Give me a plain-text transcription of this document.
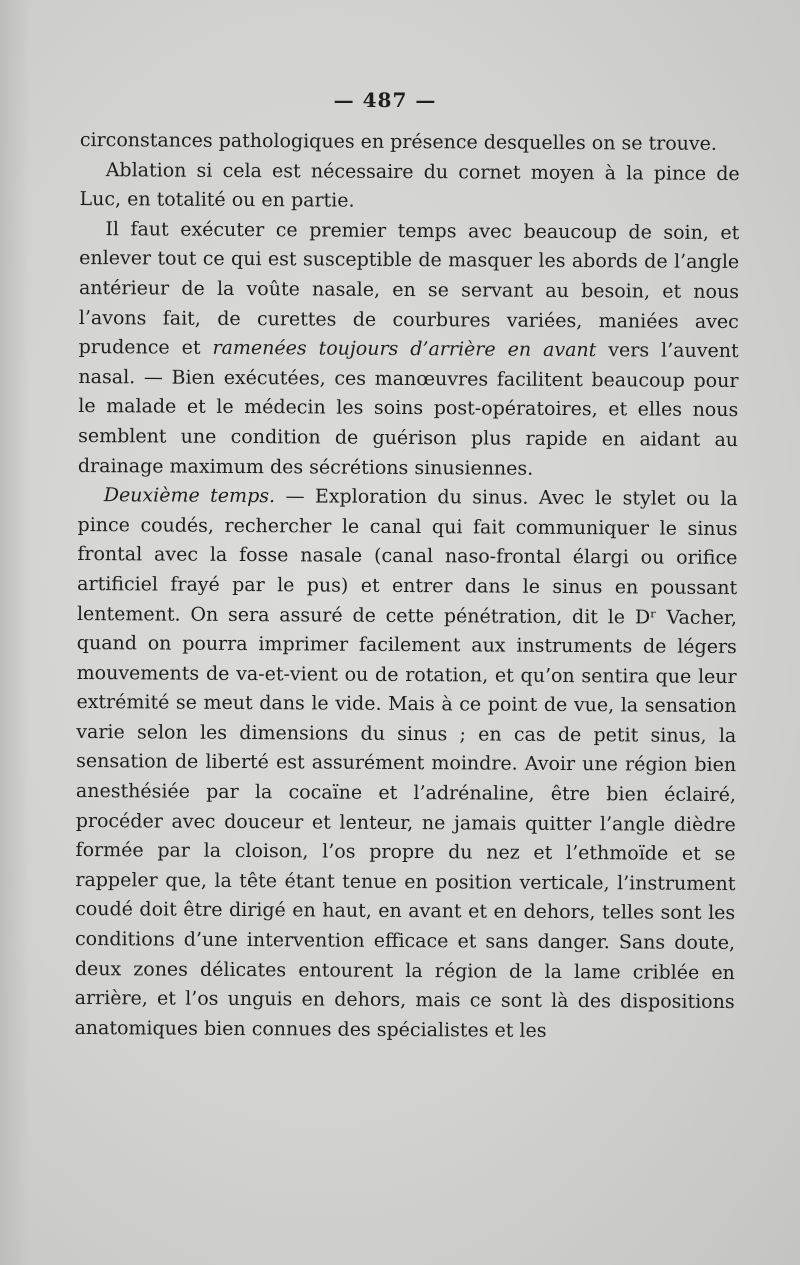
— 487 —

circonstances pathologiques en présence desquelles on se trouve.

Ablation si cela est nécessaire du cornet moyen à la pince de Luc, en totalité ou en partie.

Il faut exécuter ce premier temps avec beaucoup de soin, et enlever tout ce qui est susceptible de masquer les abords de l’angle antérieur de la voûte nasale, en se servant au besoin, et nous l’avons fait, de curettes de courbures variées, maniées avec prudence et ramenées toujours d’arrière en avant vers l’auvent nasal. — Bien exécutées, ces manœuvres facilitent beaucoup pour le malade et le médecin les soins post-opératoires, et elles nous semblent une condition de guérison plus rapide en aidant au drainage maximum des sécrétions sinusiennes.

Deuxième temps. — Exploration du sinus. Avec le stylet ou la pince coudés, rechercher le canal qui fait communiquer le sinus frontal avec la fosse nasale (canal naso-frontal élargi ou orifice artificiel frayé par le pus) et entrer dans le sinus en poussant lentement. On sera assuré de cette pénétration, dit le Dʳ Vacher, quand on pourra imprimer facilement aux instruments de légers mouvements de va-et-vient ou de rotation, et qu’on sentira que leur extrémité se meut dans le vide. Mais à ce point de vue, la sensation varie selon les dimensions du sinus ; en cas de petit sinus, la sensation de liberté est assurément moindre. Avoir une région bien anesthésiée par la cocaïne et l’adrénaline, être bien éclairé, procéder avec douceur et lenteur, ne jamais quitter l’angle dièdre formée par la cloison, l’os propre du nez et l’ethmoïde et se rappeler que, la tête étant tenue en position verticale, l’instrument coudé doit être dirigé en haut, en avant et en dehors, telles sont les conditions d’une intervention efficace et sans danger. Sans doute, deux zones délicates entourent la région de la lame criblée en arrière, et l’os unguis en dehors, mais ce sont là des dispositions anatomiques bien connues des spécialistes et les
